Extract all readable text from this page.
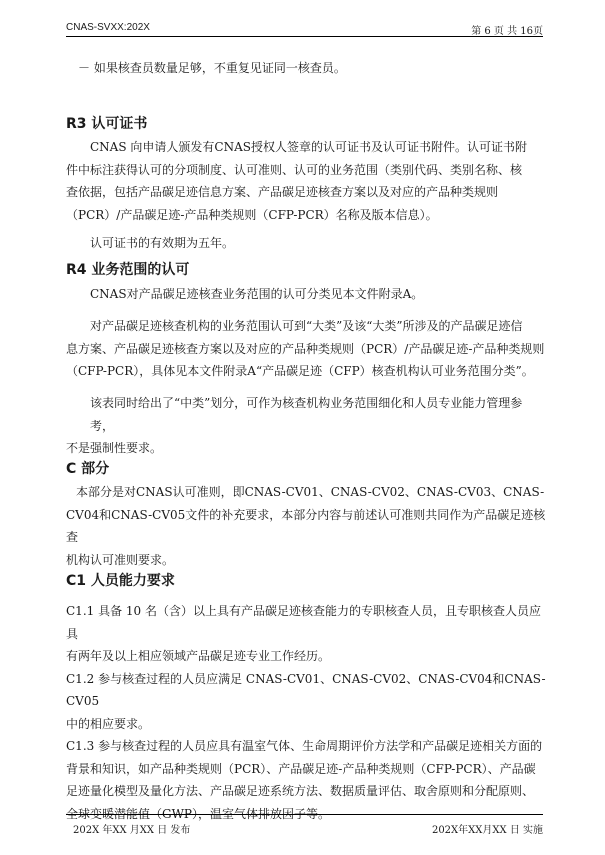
CNAS-SVXX:202X	第 6 页 共 16页
－ 如果核查员数量足够，不重复见证同一核查员。
R3 认可证书
CNAS 向申请人颁发有CNAS授权人签章的认可证书及认可证书附件。认可证书附
件中标注获得认可的分项制度、认可准则、认可的业务范围（类别代码、类别名称、核
查依据，包括产品碳足迹信息方案、产品碳足迹核查方案以及对应的产品种类规则
（PCR）/产品碳足迹-产品种类规则（CFP-PCR）名称及版本信息）。
认可证书的有效期为五年。
R4 业务范围的认可
CNAS对产品碳足迹核查业务范围的认可分类见本文件附录A。
对产品碳足迹核查机构的业务范围认可到“大类”及该“大类”所涉及的产品碳足迹信
息方案、产品碳足迹核查方案以及对应的产品种类规则（PCR）/产品碳足迹-产品种类规则
（CFP-PCR），具体见本文件附录A“产品碳足迹（CFP）核查机构认可业务范围分类”。
该表同时给出了“中类”划分，可作为核查机构业务范围细化和人员专业能力管理参考，
不是强制性要求。
C 部分
本部分是对CNAS认可准则，即CNAS-CV01、CNAS-CV02、CNAS-CV03、CNAS-
CV04和CNAS-CV05文件的补充要求，本部分内容与前述认可准则共同作为产品碳足迹核查
机构认可准则要求。
C1 人员能力要求
C1.1 具备 10 名（含）以上具有产品碳足迹核查能力的专职核查人员，且专职核查人员应具
有两年及以上相应领域产品碳足迹专业工作经历。
C1.2 参与核查过程的人员应满足 CNAS-CV01、CNAS-CV02、CNAS-CV04和CNAS-CV05
中的相应要求。
C1.3 参与核查过程的人员应具有温室气体、生命周期评价方法学和产品碳足迹相关方面的
背景和知识，如产品种类规则（PCR）、产品碳足迹-产品种类规则（CFP-PCR）、产品碳
足迹量化模型及量化方法、产品碳足迹系统方法、数据质量评估、取舍原则和分配原则、
全球变暖潜能值（GWP），温室气体排放因子等。
202X 年XX 月XX 日 发布	202X年XX月XX 日 实施
